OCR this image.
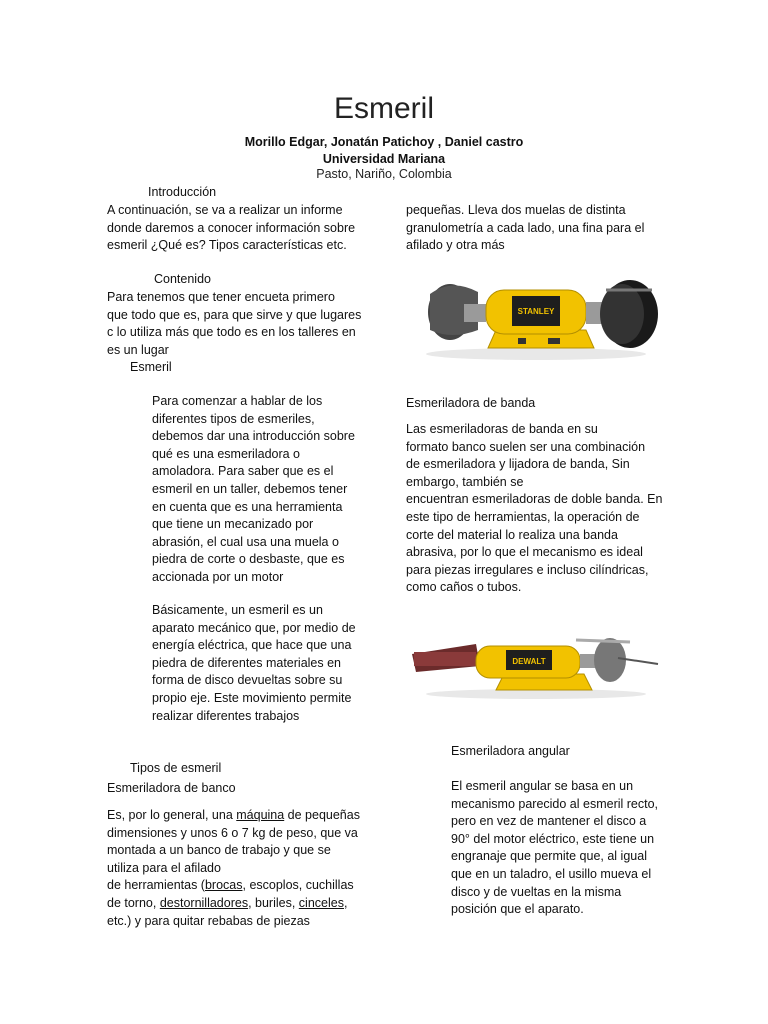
Esmeril
Morillo Edgar, Jonatán Patichoy , Daniel castro
Universidad Mariana
Pasto, Nariño, Colombia
Introducción
A continuación, se va a realizar un informe
donde daremos a conocer información sobre
esmeril ¿Qué es? Tipos características etc.
Contenido
Para tenemos que tener encueta primero
que todo que es, para que sirve y que lugares
c lo utiliza más que todo es en los talleres en
es un lugar
Esmeril
Para comenzar a hablar de los
diferentes tipos de esmeriles,
debemos dar una introducción sobre
qué es una esmeriladora o
amoladora. Para saber que es el
esmeril en un taller, debemos tener
en cuenta que es una herramienta
que tiene un mecanizado por
abrasión, el cual usa una muela o
piedra de corte o desbaste, que es
accionada por un motor
Básicamente, un esmeril es un
aparato mecánico que, por medio de
energía eléctrica, que hace que una
piedra de diferentes materiales en
forma de disco devueltas sobre su
propio eje. Este movimiento permite
realizar diferentes trabajos
Tipos de esmeril
Esmeriladora de banco
Es, por lo general, una máquina de pequeñas
dimensiones y unos 6 o 7 kg de peso, que va
montada a un banco de trabajo y que se
utiliza para el afilado
de herramientas (brocas, escoplos, cuchillas
de torno, destornilladores, buriles, cinceles,
etc.) y para quitar rebabas de piezas
pequeñas. Lleva dos muelas de distinta
granulometría a cada lado, una fina para el
afilado y otra más
STANLEY
Esmeriladora de banda
Las esmeriladoras de banda en su
formato banco suelen ser una combinación
de esmeriladora y lijadora de banda, Sin
embargo, también se
encuentran esmeriladoras de doble banda. En
este tipo de herramientas, la operación de
corte del material lo realiza una banda
abrasiva, por lo que el mecanismo es ideal
para piezas irregulares e incluso cilíndricas,
como caños o tubos.
DEWALT
Esmeriladora angular
El esmeril angular se basa en un
mecanismo parecido al esmeril recto,
pero en vez de mantener el disco a
90° del motor eléctrico, este tiene un
engranaje que permite que, al igual
que en un taladro, el usillo mueva el
disco y de vueltas en la misma
posición que el aparato.
